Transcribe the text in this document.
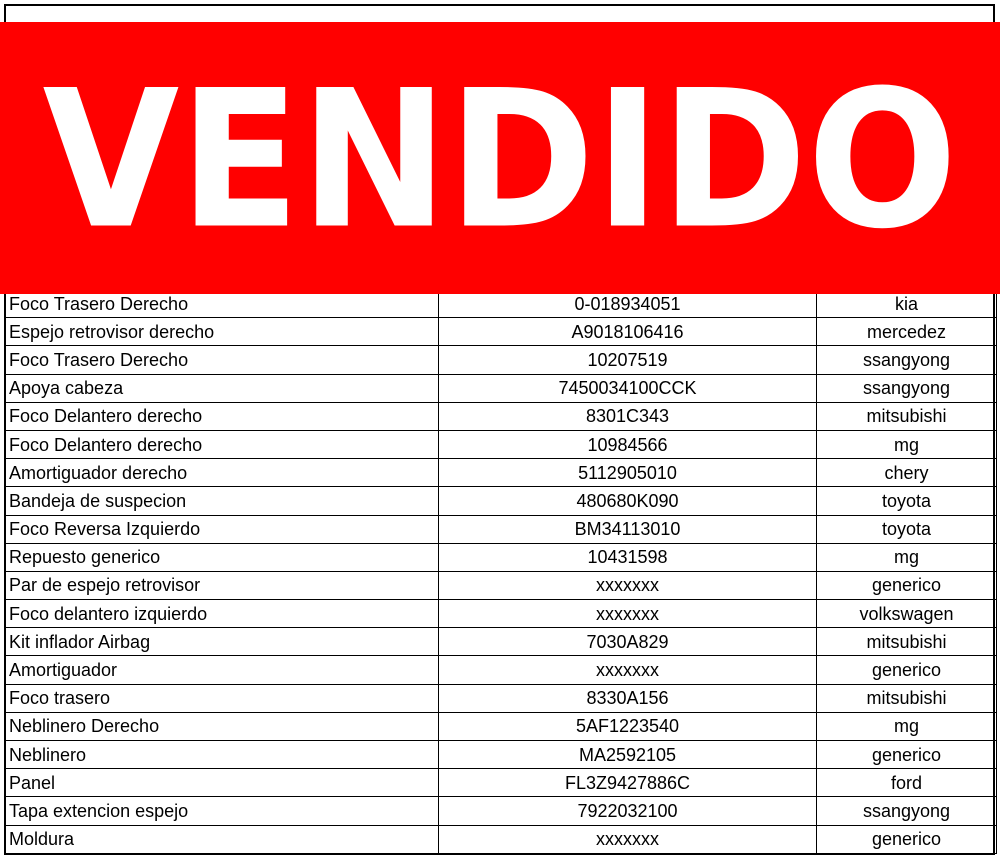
Foco Trasero Derecho	0-018934051	kia
Espejo retrovisor derecho	A9018106416	mercedez
Foco Trasero Derecho	10207519	ssangyong
Apoya cabeza	7450034100CCK	ssangyong
Foco Delantero derecho	8301C343	mitsubishi
Foco Delantero derecho	10984566	mg
Amortiguador derecho	5112905010	chery
Bandeja de suspecion	480680K090	toyota
Foco Reversa Izquierdo	BM34113010	toyota
Repuesto generico	10431598	mg
Par de espejo retrovisor	xxxxxxx	generico
Foco delantero izquierdo	xxxxxxx	volkswagen
Kit inflador Airbag	7030A829	mitsubishi
Amortiguador	xxxxxxx	generico
Foco trasero	8330A156	mitsubishi
Neblinero Derecho	5AF1223540	mg
Neblinero	MA2592105	generico
Panel	FL3Z9427886C	ford
Tapa extencion espejo	7922032100	ssangyong
Moldura	xxxxxxx	generico
VENDIDO
